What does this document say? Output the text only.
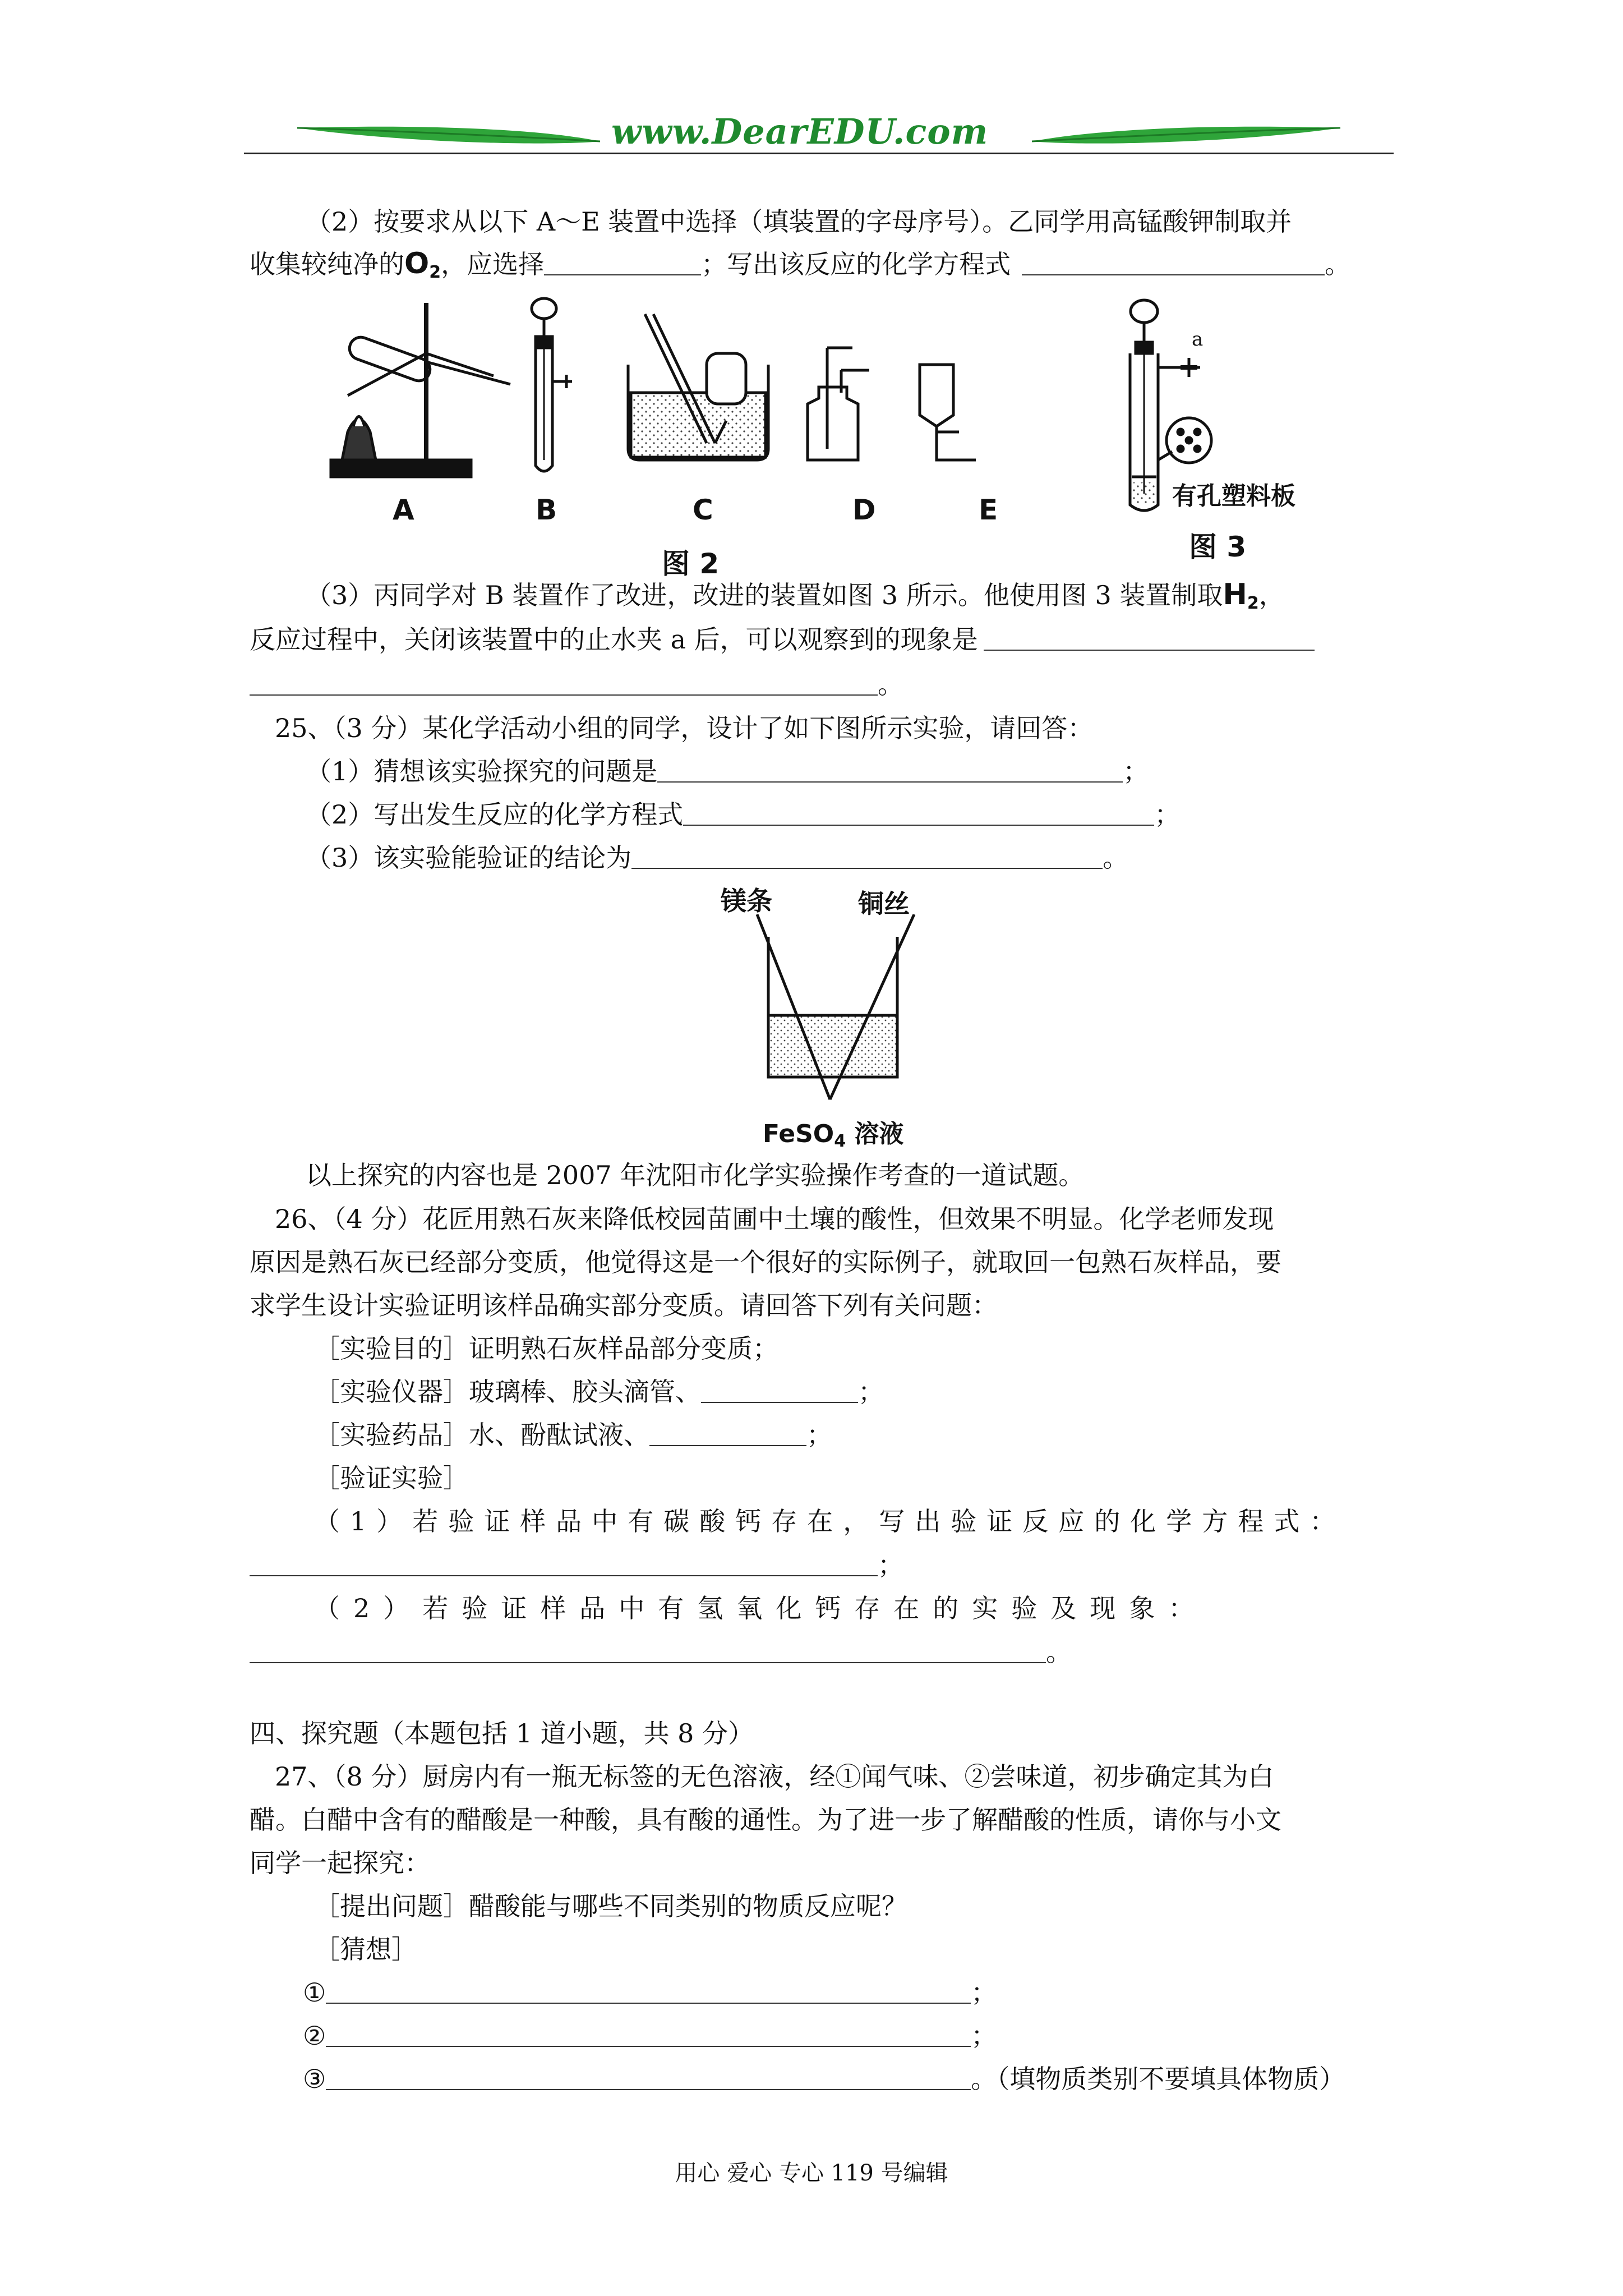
www.DearEDU.com
（2）按要求从以下 A～E 装置中选择（填装置的字母序号）。乙同学用高锰酸钾制取并
收集较纯净的$O_2$，应选择	；写出该反应的化学方程式	。
A	B	C	D	E
图 2
a
有孔塑料板
图 3
（3）丙同学对 B 装置作了改进，改进的装置如图 3 所示。他使用图 3 装置制取$H_2$，
反应过程中，关闭该装置中的止水夹 a 后，可以观察到的现象是
。
25、（3 分）某化学活动小组的同学，设计了如下图所示实验，请回答：
（1）猜想该实验探究的问题是	；
（2）写出发生反应的化学方程式	；
（3）该实验能验证的结论为	。
镁条	铜丝
FeSO$_4$ 溶液
以上探究的内容也是 2007 年沈阳市化学实验操作考查的一道试题。
26、（4 分）花匠用熟石灰来降低校园苗圃中土壤的酸性，但效果不明显。化学老师发现
原因是熟石灰已经部分变质，他觉得这是一个很好的实际例子，就取回一包熟石灰样品，要
求学生设计实验证明该样品确实部分变质。请回答下列有关问题：
［实验目的］证明熟石灰样品部分变质；
［实验仪器］玻璃棒、胶头滴管、	；
［实验药品］水、酚酞试液、	；
［验证实验］
（1）若验证样品中有碳酸钙存在，写出验证反应的化学方程式：
；
（2）若验证样品中有氢氧化钙存在的实验及现象：
。
四、探究题（本题包括 1 道小题，共 8 分）
27、（8 分）厨房内有一瓶无标签的无色溶液，经①闻气味、②尝味道，初步确定其为白
醋。白醋中含有的醋酸是一种酸，具有酸的通性。为了进一步了解醋酸的性质，请你与小文
同学一起探究：
［提出问题］醋酸能与哪些不同类别的物质反应呢？
［猜想］
①	；
②	；
③	。（填物质类别不要填具体物质）
用心 爱心 专心 119 号编辑
